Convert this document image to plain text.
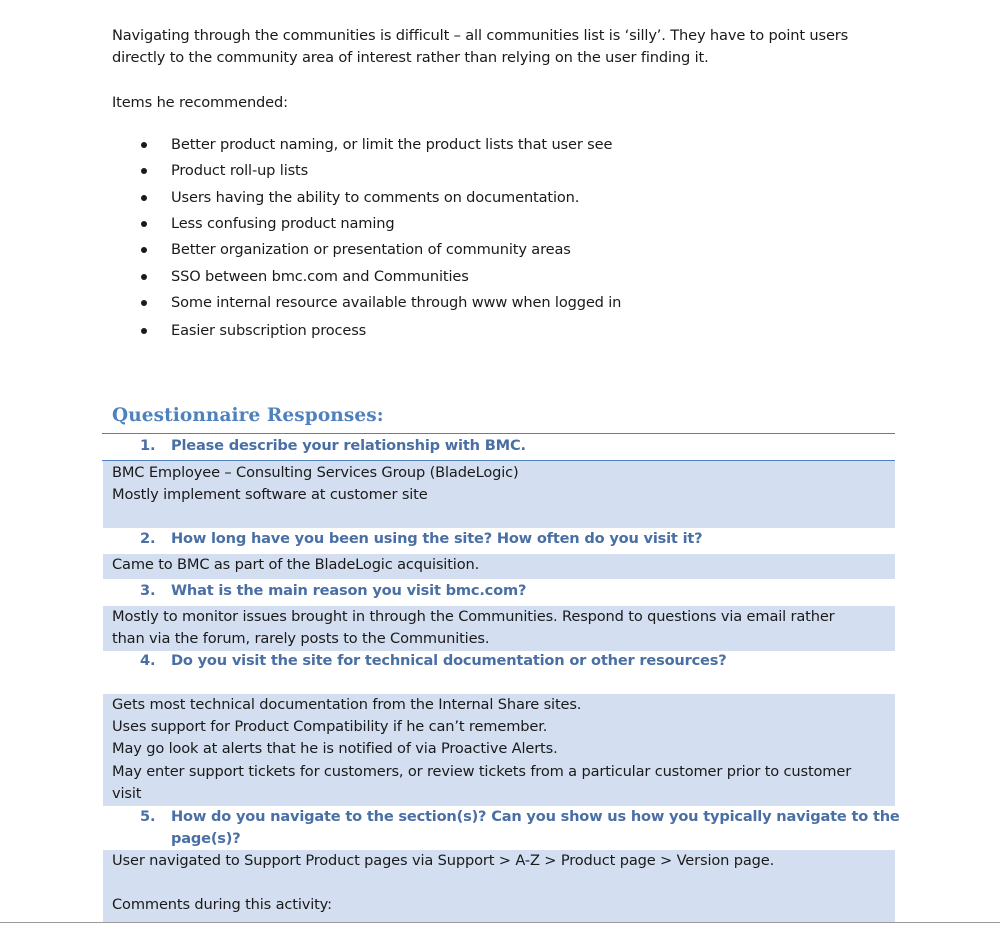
Navigating through the communities is difficult – all communities list is ‘silly’. They have to point users

directly to the community area of interest rather than relying on the user finding it.

Items he recommended:

Better product naming, or limit the product lists that user see
Product roll-up lists
Users having the ability to comments on documentation.
Less confusing product naming
Better organization or presentation of community areas
SSO between bmc.com and Communities
Some internal resource available through www when logged in
Easier subscription process
Questionnaire Responses:
1. Please describe your relationship with BMC.
BMC Employee – Consulting Services Group (BladeLogic)
Mostly implement software at customer site
2. How long have you been using the site? How often do you visit it?
Came to BMC as part of the BladeLogic acquisition.
3. What is the main reason you visit bmc.com?
Mostly to monitor issues brought in through the Communities. Respond to questions via email rather
than via the forum, rarely posts to the Communities.
4. Do you visit the site for technical documentation or other resources?
Gets most technical documentation from the Internal Share sites.
Uses support for Product Compatibility if he can’t remember.
May go look at alerts that he is notified of via Proactive Alerts.
May enter support tickets for customers, or review tickets from a particular customer prior to customer
visit
5. How do you navigate to the section(s)? Can you show us how you typically navigate to the
page(s)?
User navigated to Support Product pages via Support > A-Z > Product page > Version page.
Comments during this activity:
